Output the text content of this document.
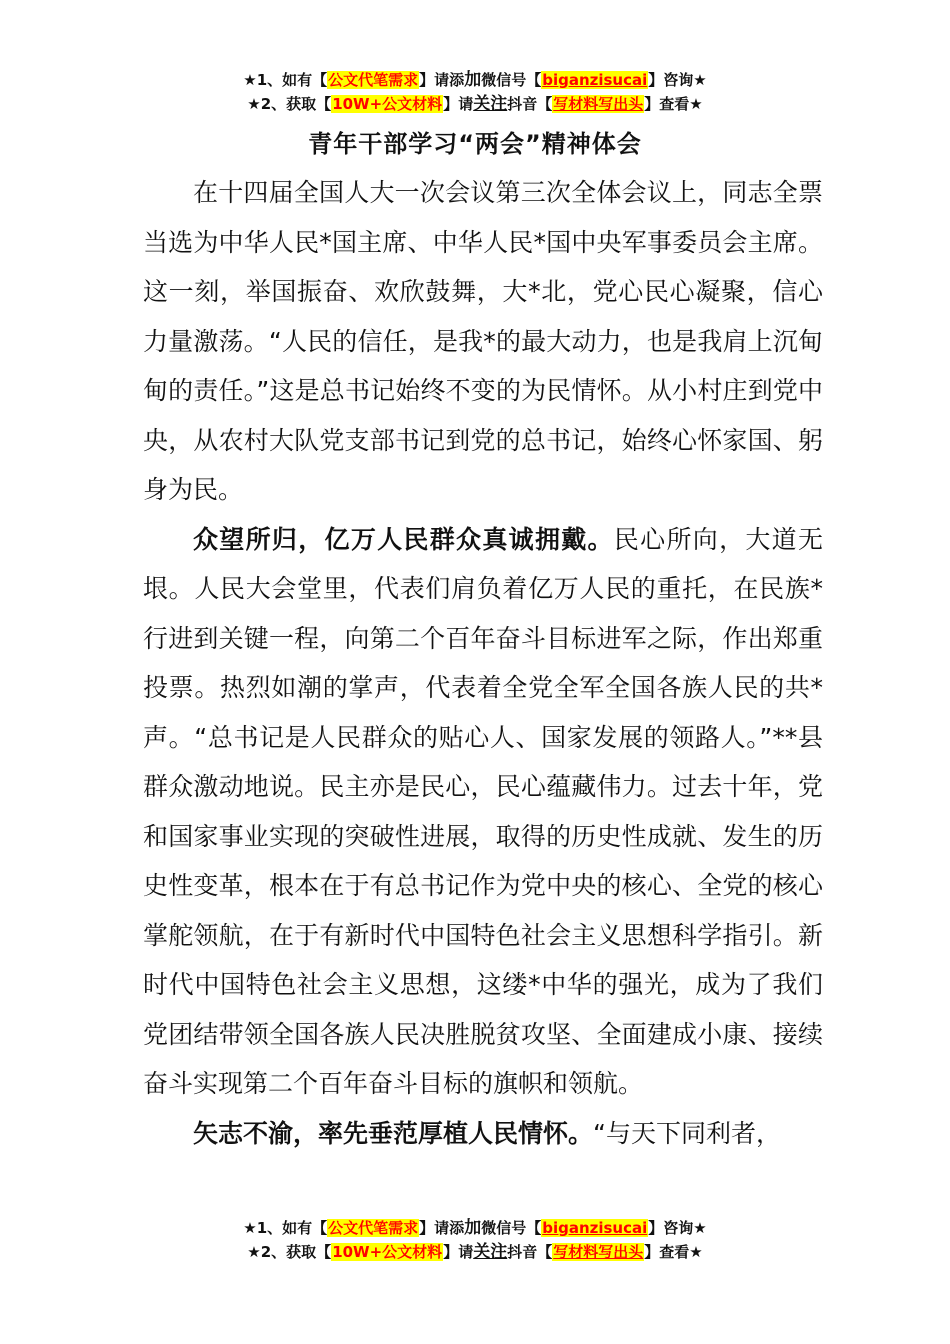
★1、如有【公文代笔需求】请添加微信号【biganzisucai】咨询★
★2、获取【10W+公文材料】请关注抖音【写材料写出头】查看★
青年干部学习“两会”精神体会

在十四届全国人大一次会议第三次全体会议上，同志全票当选为中华人民*国主席、中华人民*国中央军事委员会主席。这一刻，举国振奋、欢欣鼓舞，大*北，党心民心凝聚，信心力量激荡。“人民的信任，是我*的最大动力，也是我肩上沉甸甸的责任。”这是总书记始终不变的为民情怀。从小村庄到党中央，从农村大队党支部书记到党的总书记，始终心怀家国、躬身为民。

众望所归，亿万人民群众真诚拥戴。民心所向，大道无垠。人民大会堂里，代表们肩负着亿万人民的重托，在民族*行进到关键一程，向第二个百年奋斗目标进军之际，作出郑重投票。热烈如潮的掌声，代表着全党全军全国各族人民的共*声。“总书记是人民群众的贴心人、国家发展的领路人。”**县群众激动地说。民主亦是民心，民心蕴藏伟力。过去十年，党和国家事业实现的突破性进展，取得的历史性成就、发生的历史性变革，根本在于有总书记作为党中央的核心、全党的核心掌舵领航，在于有新时代中国特色社会主义思想科学指引。新时代中国特色社会主义思想，这缕*中华的强光，成为了我们党团结带领全国各族人民决胜脱贫攻坚、全面建成小康、接续奋斗实现第二个百年奋斗目标的旗帜和领航。

矢志不渝，率先垂范厚植人民情怀。“与天下同利者，

★1、如有【公文代笔需求】请添加微信号【biganzisucai】咨询★
★2、获取【10W+公文材料】请关注抖音【写材料写出头】查看★
